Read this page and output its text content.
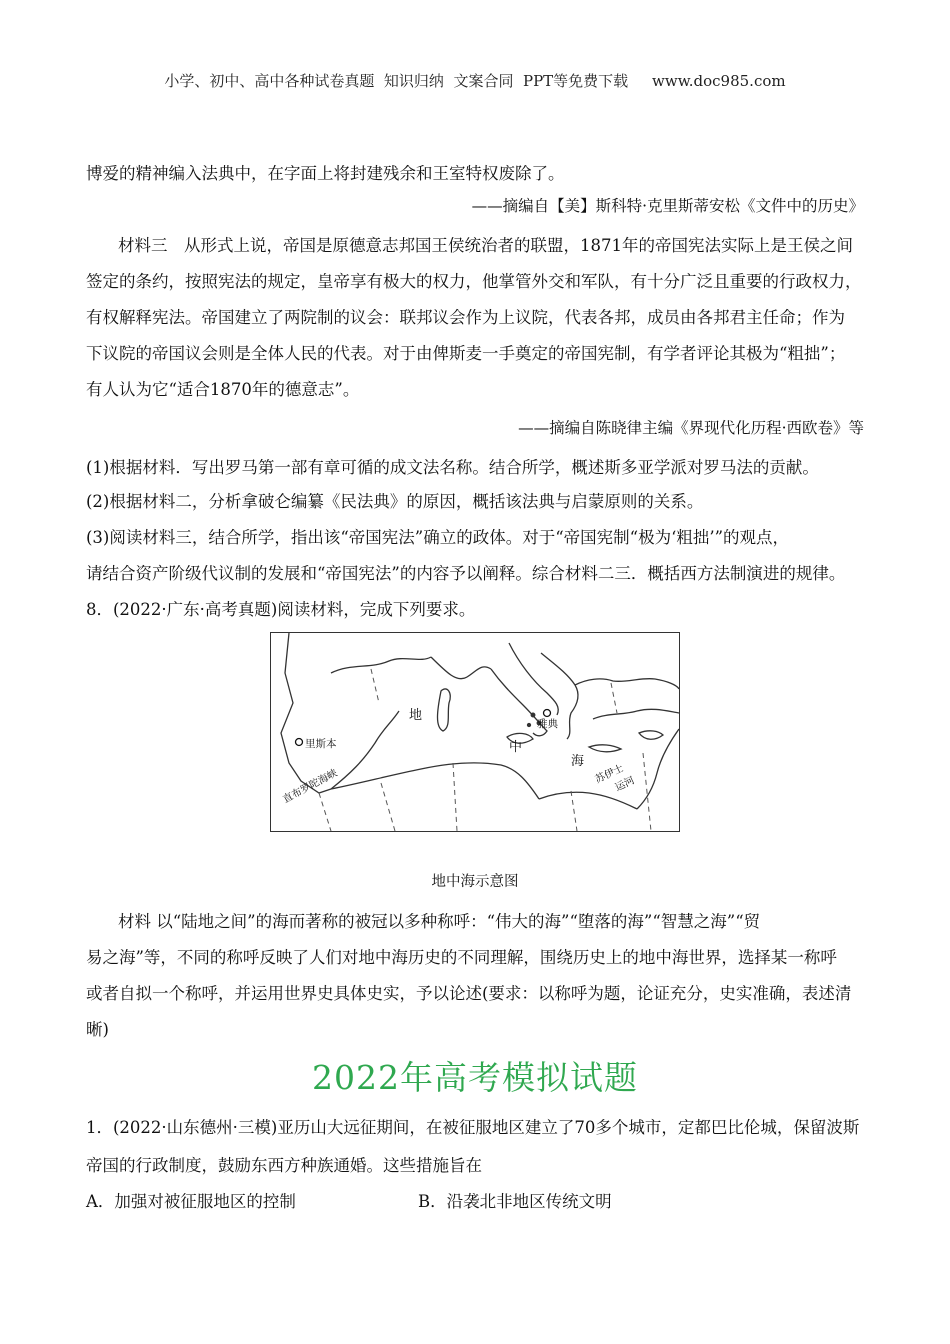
小学、初中、高中各种试卷真题  知识归纳  文案合同  PPT等免费下载     www.doc985.com
博爱的精神编入法典中，在字面上将封建残余和王室特权废除了。
——摘编自【美】斯科特·克里斯蒂安松《文件中的历史》
材料三　从形式上说，帝国是原德意志邦国王侯统治者的联盟，1871年的帝国宪法实际上是王侯之间
签定的条约，按照宪法的规定，皇帝享有极大的权力，他掌管外交和军队，有十分广泛且重要的行政权力，
有权解释宪法。帝国建立了两院制的议会：联邦议会作为上议院，代表各邦，成员由各邦君主任命；作为
下议院的帝国议会则是全体人民的代表。对于由俾斯麦一手奠定的帝国宪制，有学者评论其极为“粗拙”；
有人认为它“适合1870年的德意志”。
——摘编自陈晓律主编《界现代化历程·西欧卷》等
(1)根据材料．写出罗马第一部有章可循的成文法名称。结合所学，概述斯多亚学派对罗马法的贡献。
(2)根据材料二，分析拿破仑编纂《民法典》的原因，概括该法典与启蒙原则的关系。
(3)阅读材料三，结合所学，指出该“帝国宪法”确立的政体。对于“帝国宪制“极为‘粗拙’”的观点，
请结合资产阶级代议制的发展和“帝国宪法”的内容予以阐释。综合材料二三．概括西方法制演进的规律。
8．(2022·广东·高考真题)阅读材料，完成下列要求。
里斯本
雅典
地
中
海
直布罗陀海峡	苏伊士
运河
地中海示意图
材料 以“陆地之间”的海而著称的被冠以多种称呼：“伟大的海”“堕落的海”“智慧之海”“贸
易之海”等，不同的称呼反映了人们对地中海历史的不同理解，围绕历史上的地中海世界，选择某一称呼
或者自拟一个称呼，并运用世界史具体史实，予以论述(要求：以称呼为题，论证充分，史实准确，表述清
晰)
2022年高考模拟试题
1．(2022·山东德州·三模)亚历山大远征期间，在被征服地区建立了70多个城市，定都巴比伦城，保留波斯
帝国的行政制度，鼓励东西方种族通婚。这些措施旨在
A．加强对被征服地区的控制	B．沿袭北非地区传统文明
